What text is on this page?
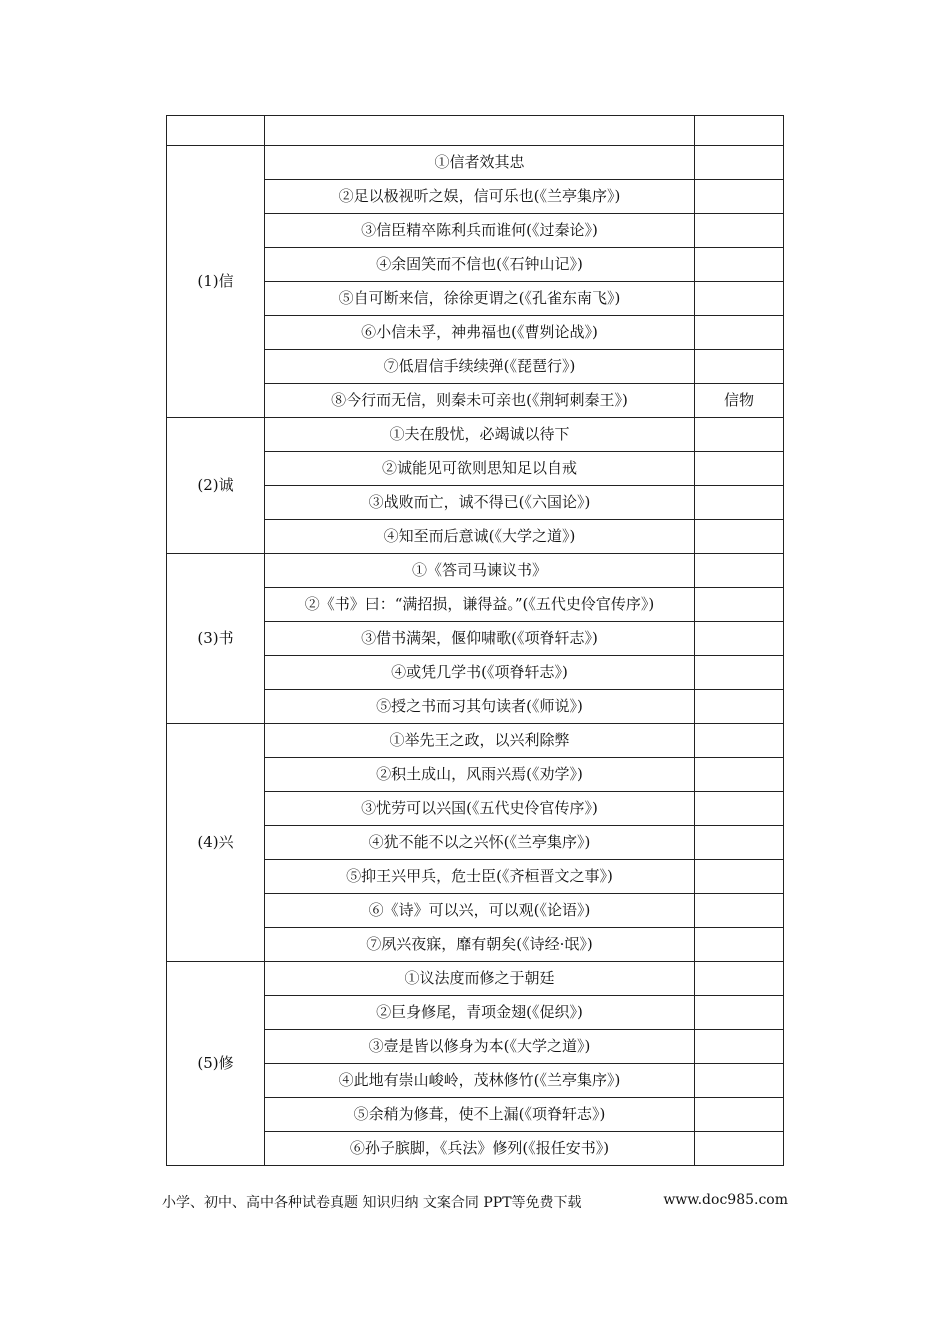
(1)信	①信者效其忠	
	②足以极视听之娱，信可乐也(《兰亭集序》)	
	③信臣精卒陈利兵而谁何(《过秦论》)	
	④余固笑而不信也(《石钟山记》)	
	⑤自可断来信，徐徐更谓之(《孔雀东南飞》)	
	⑥小信未孚，神弗福也(《曹刿论战》)	
	⑦低眉信手续续弹(《琵琶行》)	
	⑧今行而无信，则秦未可亲也(《荆轲刺秦王》)	信物
(2)诚	①夫在殷忧，必竭诚以待下	
	②诚能见可欲则思知足以自戒	
	③战败而亡，诚不得已(《六国论》)	
	④知至而后意诚(《大学之道》)	
(3)书	①《答司马谏议书》	
	②《书》曰：“满招损，谦得益。”(《五代史伶官传序》)	
	③借书满架，偃仰啸歌(《项脊轩志》)	
	④或凭几学书(《项脊轩志》)	
	⑤授之书而习其句读者(《师说》)	
(4)兴	①举先王之政，以兴利除弊	
	②积土成山，风雨兴焉(《劝学》)	
	③忧劳可以兴国(《五代史伶官传序》)	
	④犹不能不以之兴怀(《兰亭集序》)	
	⑤抑王兴甲兵，危士臣(《齐桓晋文之事》)	
	⑥《诗》可以兴，可以观(《论语》)	
	⑦夙兴夜寐，靡有朝矣(《诗经·氓》)	
(5)修	①议法度而修之于朝廷	
	②巨身修尾，青项金翅(《促织》)	
	③壹是皆以修身为本(《大学之道》)	
	④此地有崇山峻岭，茂林修竹(《兰亭集序》)	
	⑤余稍为修葺，使不上漏(《项脊轩志》)	
	⑥孙子膑脚，《兵法》修列(《报任安书》)	
小学、初中、高中各种试卷真题 知识归纳 文案合同 PPT等免费下载	www.doc985.com
